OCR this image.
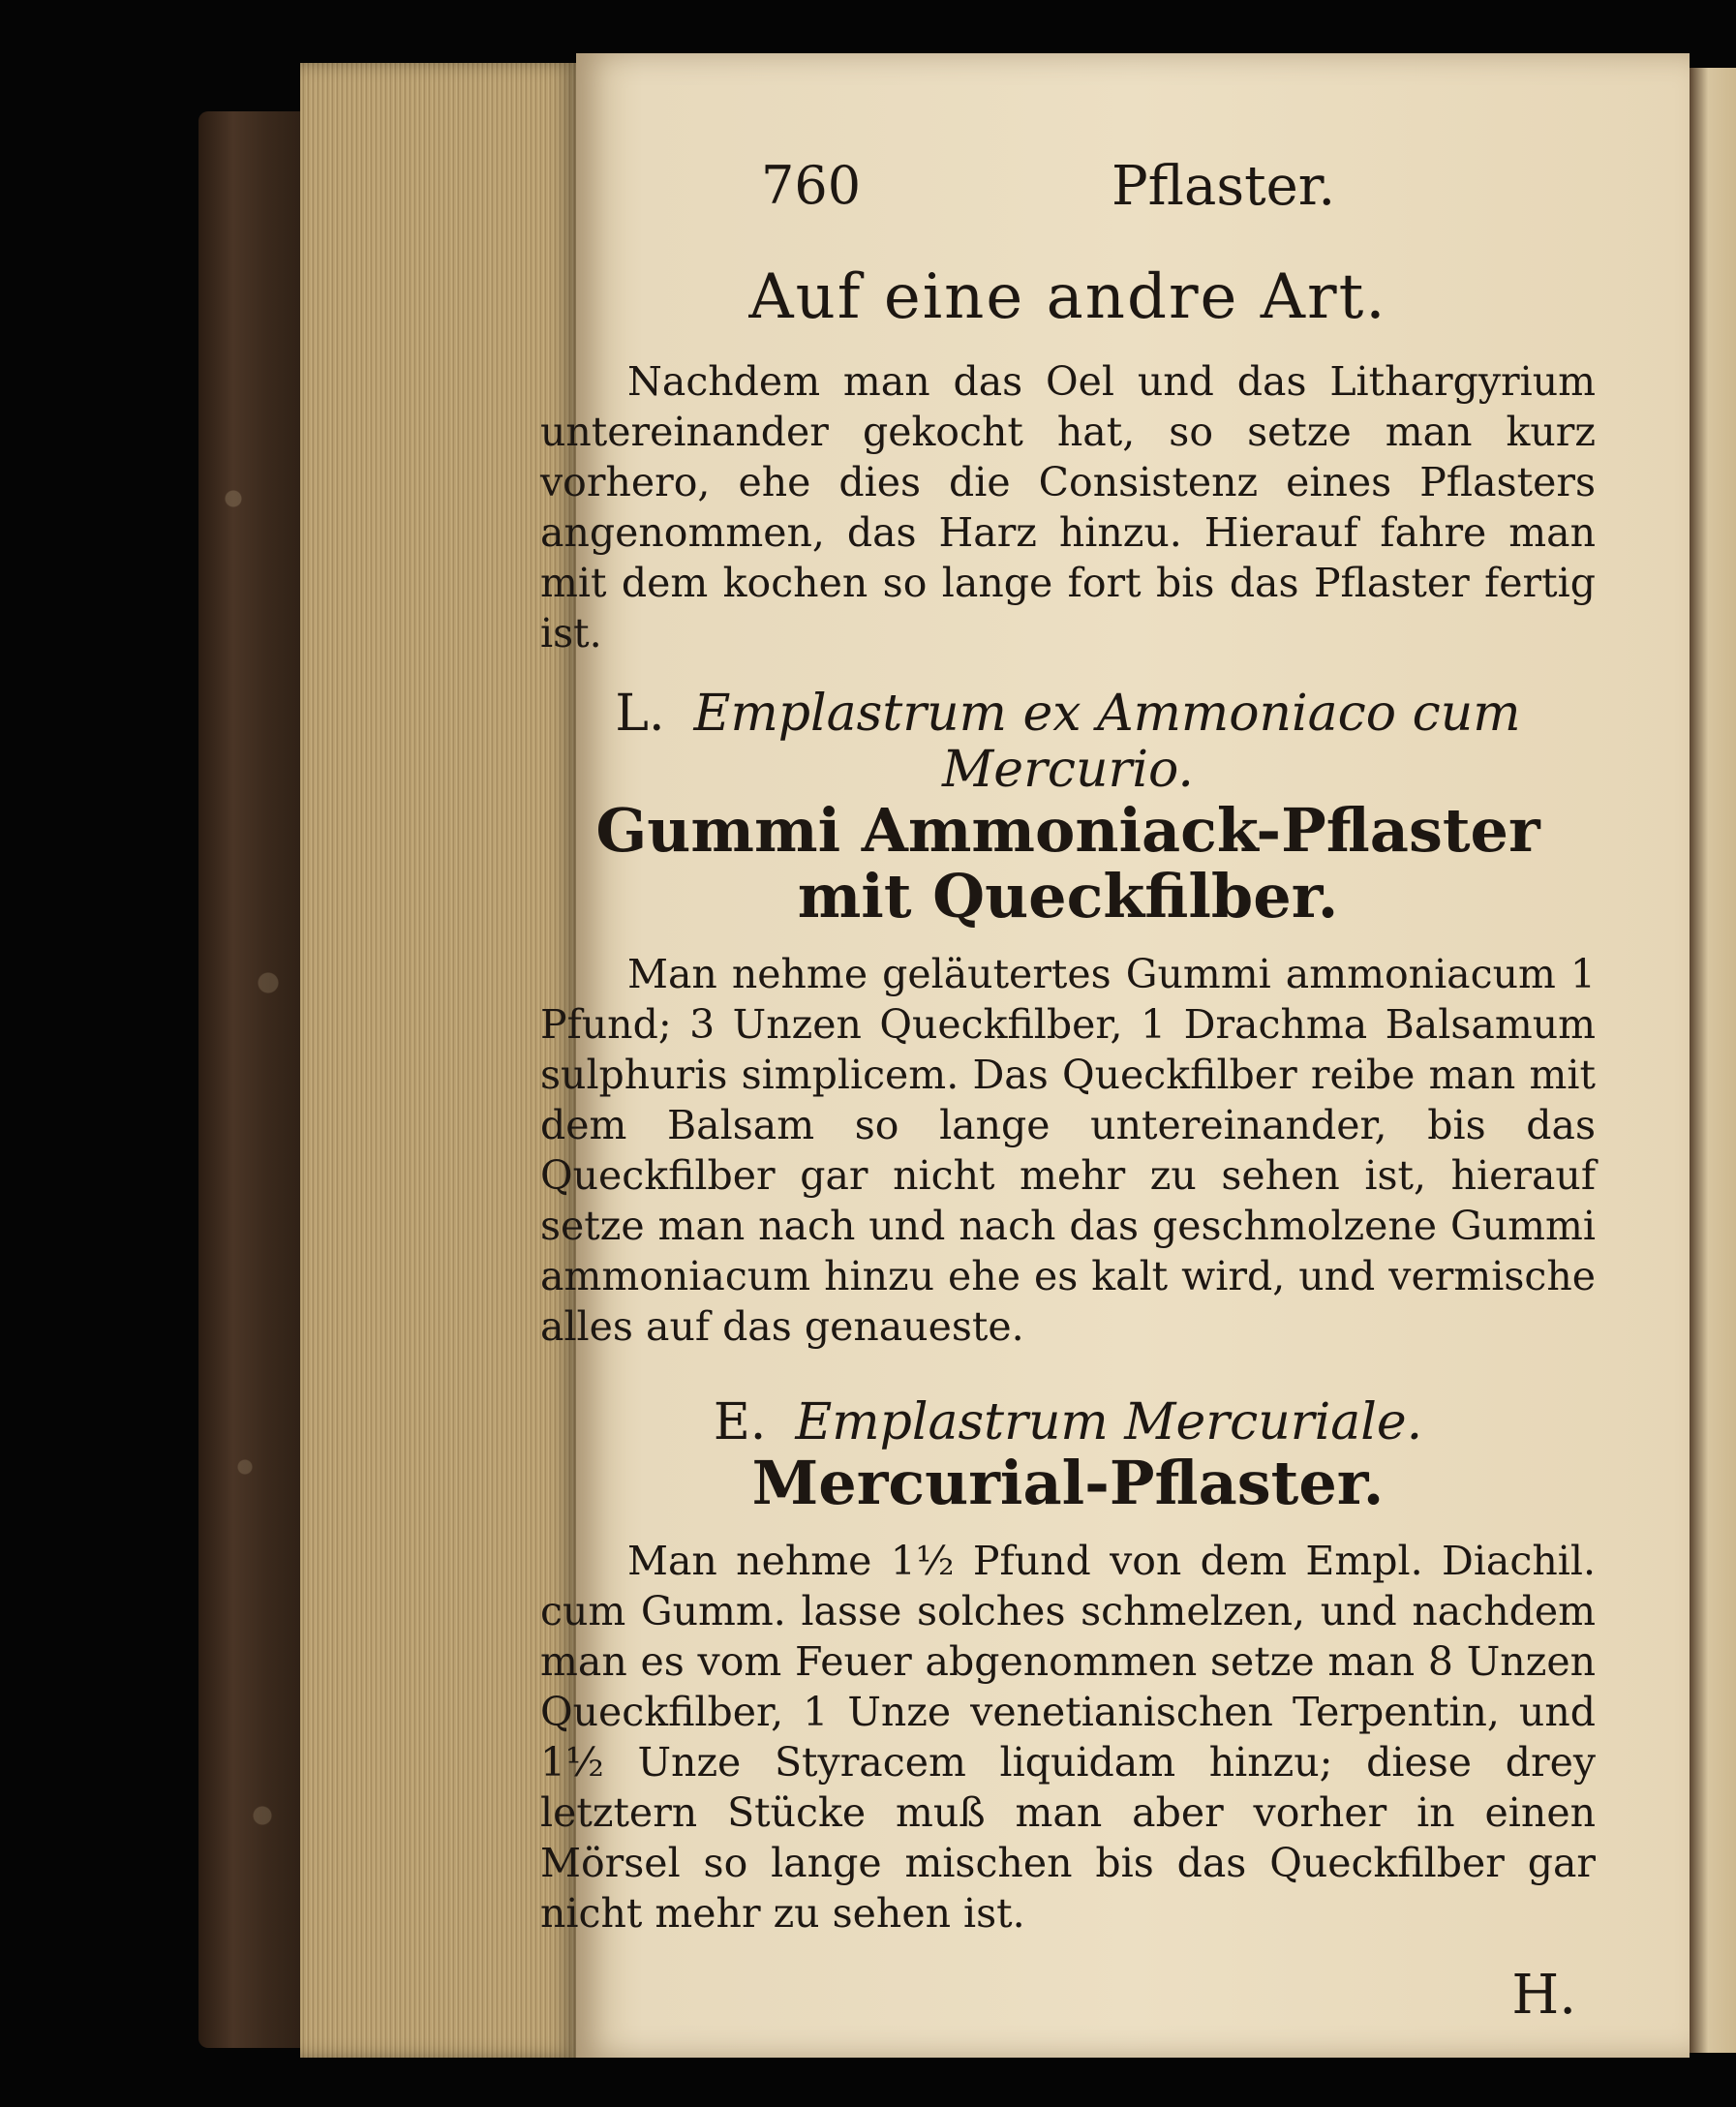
760	Pflaster.
Auf eine andre Art.

Nachdem man das Oel und das Lithargyrium untereinander gekocht hat, so setze man kurz vorhero, ehe dies die Consistenz eines Pflasters angenommen, das Harz hinzu. Hierauf fahre man mit dem kochen so lange fort bis das Pflaster fertig ist.

L. Emplastrum ex Ammoniaco cum Mercurio.
Gummi Ammoniack-Pflaster mit Queckfilber.

Man nehme geläutertes Gummi ammoniacum 1 Pfund; 3 Unzen Queckfilber, 1 Drachma Balsamum sulphuris simplicem. Das Queckfilber reibe man mit dem Balsam so lange untereinander, bis das Queckfilber gar nicht mehr zu sehen ist, hierauf setze man nach und nach das geschmolzene Gummi ammoniacum hinzu ehe es kalt wird, und vermische alles auf das genaueste.

E. Emplastrum Mercuriale.
Mercurial-Pflaster.

Man nehme 1½ Pfund von dem Empl. Diachil. cum Gumm. lasse solches schmelzen, und nachdem man es vom Feuer abgenommen setze man 8 Unzen Queckfilber, 1 Unze venetianischen Terpentin, und 1½ Unze Styracem liquidam hinzu; diese drey letztern Stücke muß man aber vorher in einen Mörsel so lange mischen bis das Queckfilber gar nicht mehr zu sehen ist.

H.
